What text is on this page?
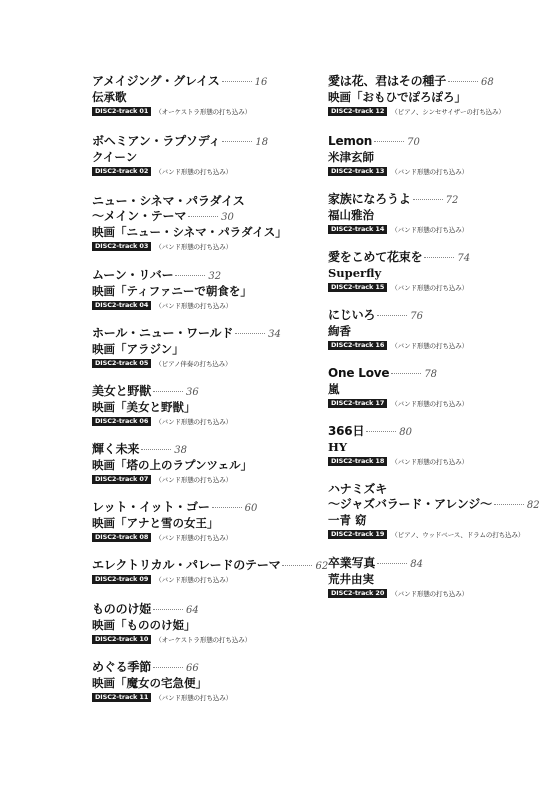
アメイジング・グレイス	16
伝承歌
DISC2-track 01	（オーケストラ形態の打ち込み）
ボヘミアン・ラプソディ	18
クイーン
DISC2-track 02	（バンド形態の打ち込み）
ニュー・シネマ・パラダイス
〜メイン・テーマ	30
映画「ニュー・シネマ・パラダイス」
DISC2-track 03	（バンド形態の打ち込み）
ムーン・リバー	32
映画「ティファニーで朝食を」
DISC2-track 04	（バンド形態の打ち込み）
ホール・ニュー・ワールド	34
映画「アラジン」
DISC2-track 05	（ピアノ伴奏の打ち込み）
美女と野獣	36
映画「美女と野獣」
DISC2-track 06	（バンド形態の打ち込み）
輝く未来	38
映画「塔の上のラプンツェル」
DISC2-track 07	（バンド形態の打ち込み）
レット・イット・ゴー	60
映画「アナと雪の女王」
DISC2-track 08	（バンド形態の打ち込み）
エレクトリカル・パレードのテーマ	62
DISC2-track 09	（バンド形態の打ち込み）
もののけ姫	64
映画「もののけ姫」
DISC2-track 10	（オーケストラ形態の打ち込み）
めぐる季節	66
映画「魔女の宅急便」
DISC2-track 11	（バンド形態の打ち込み）
愛は花、君はその種子	68
映画「おもひでぽろぽろ」
DISC2-track 12	（ピアノ、シンセサイザーの打ち込み）
Lemon	70
米津玄師
DISC2-track 13	（バンド形態の打ち込み）
家族になろうよ	72
福山雅治
DISC2-track 14	（バンド形態の打ち込み）
愛をこめて花束を	74
Superfly
DISC2-track 15	（バンド形態の打ち込み）
にじいろ	76
絢香
DISC2-track 16	（バンド形態の打ち込み）
One Love	78
嵐
DISC2-track 17	（バンド形態の打ち込み）
366日	80
HY
DISC2-track 18	（バンド形態の打ち込み）
ハナミズキ
〜ジャズバラード・アレンジ〜	82
一青 窈
DISC2-track 19	（ピアノ、ウッドベース、ドラムの打ち込み）
卒業写真	84
荒井由実
DISC2-track 20	（バンド形態の打ち込み）
